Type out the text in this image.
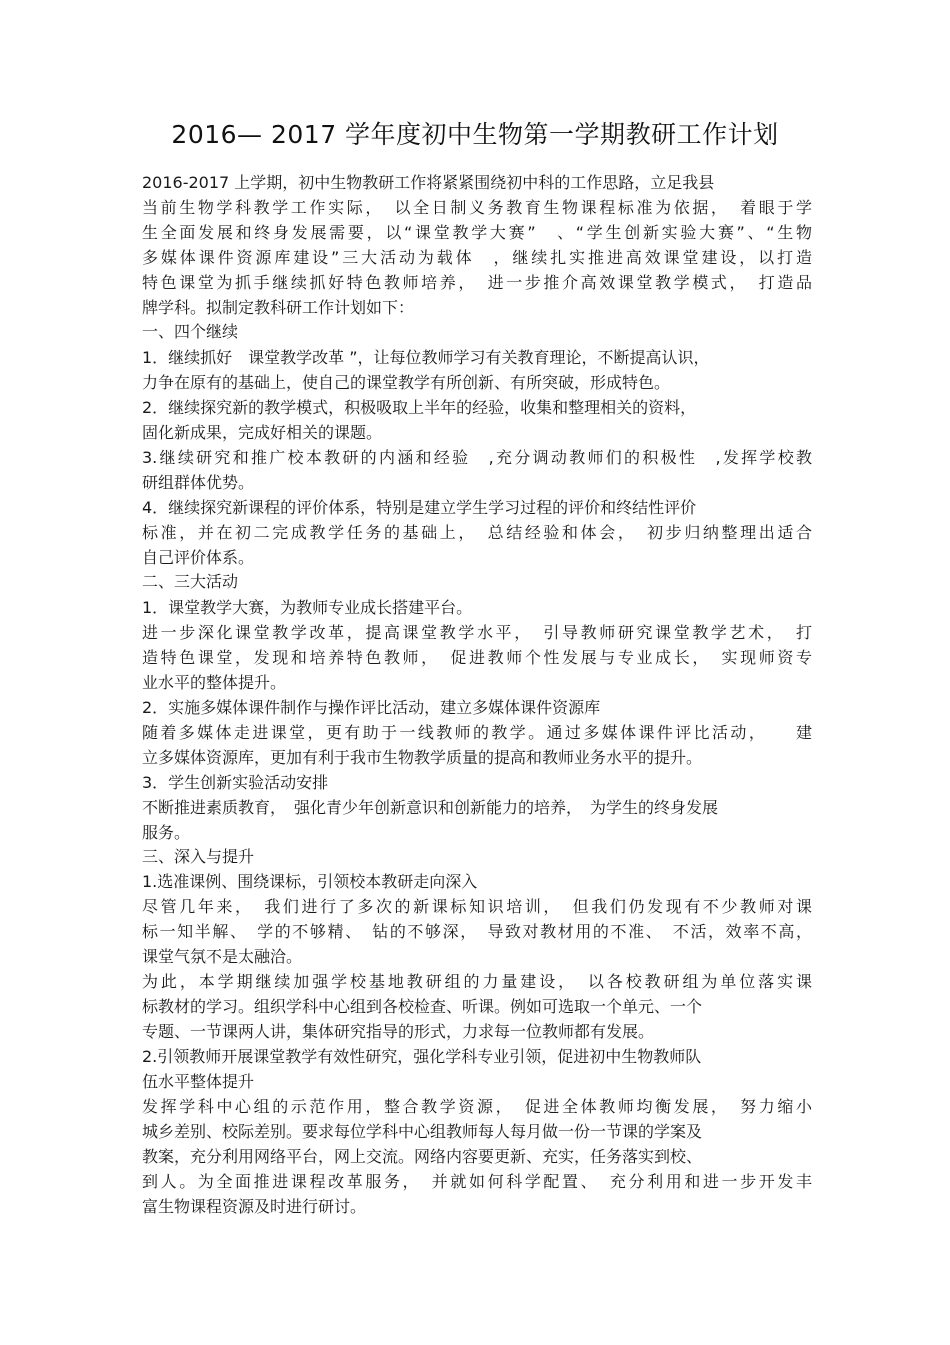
2016— 2017 学年度初中生物第一学期教研工作计划
2016-2017 上学期，初中生物教研工作将紧紧围绕初中科的工作思路，立足我县
当前生物学科教学工作实际，　以全日制义务教育生物课程标准为依据，　着眼于学
生全面发展和终身发展需要，以“课堂教学大赛”　、“学生创新实验大赛”、“生物
多媒体课件资源库建设”三大活动为载体　，继续扎实推进高效课堂建设，以打造
特色课堂为抓手继续抓好特色教师培养，　进一步推介高效课堂教学模式，　打造品
牌学科。拟制定教科研工作计划如下：
一、四个继续
1．继续抓好　课堂教学改革 ”，让每位教师学习有关教育理论，不断提高认识，
力争在原有的基础上，使自己的课堂教学有所创新、有所突破，形成特色。
2．继续探究新的教学模式，积极吸取上半年的经验，收集和整理相关的资料，
固化新成果，完成好相关的课题。
3.继续研究和推广校本教研的内涵和经验　,充分调动教师们的积极性　,发挥学校教
研组群体优势。
4．继续探究新课程的评价体系，特别是建立学生学习过程的评价和终结性评价
标准，并在初二完成教学任务的基础上，　总结经验和体会，　初步归纳整理出适合
自己评价体系。
二、三大活动
1．课堂教学大赛，为教师专业成长搭建平台。
进一步深化课堂教学改革，提高课堂教学水平，　引导教师研究课堂教学艺术，　打
造特色课堂，发现和培养特色教师，　促进教师个性发展与专业成长，　实现师资专
业水平的整体提升。
2．实施多媒体课件制作与操作评比活动，建立多媒体课件资源库
随着多媒体走进课堂，更有助于一线教师的教学。通过多媒体课件评比活动，　　建
立多媒体资源库，更加有利于我市生物教学质量的提高和教师业务水平的提升。
3．学生创新实验活动安排
不断推进素质教育，　强化青少年创新意识和创新能力的培养，　为学生的终身发展
服务。
三、深入与提升
1.选准课例、围绕课标，引领校本教研走向深入
尽管几年来，　我们进行了多次的新课标知识培训，　但我们仍发现有不少教师对课
标一知半解、　学的不够精、　钻的不够深，　导致对教材用的不准、　不活，效率不高，
课堂气氛不是太融洽。
为此，本学期继续加强学校基地教研组的力量建设，　以各校教研组为单位落实课
标教材的学习。组织学科中心组到各校检查、听课。例如可选取一个单元、一个
专题、一节课两人讲，集体研究指导的形式，力求每一位教师都有发展。
2.引领教师开展课堂教学有效性研究，强化学科专业引领，促进初中生物教师队
伍水平整体提升
发挥学科中心组的示范作用，整合教学资源，　促进全体教师均衡发展，　努力缩小
城乡差别、校际差别。要求每位学科中心组教师每人每月做一份一节课的学案及
教案，充分利用网络平台，网上交流。网络内容要更新、充实，任务落实到校、
到人。为全面推进课程改革服务，　并就如何科学配置、　充分利用和进一步开发丰
富生物课程资源及时进行研讨。
